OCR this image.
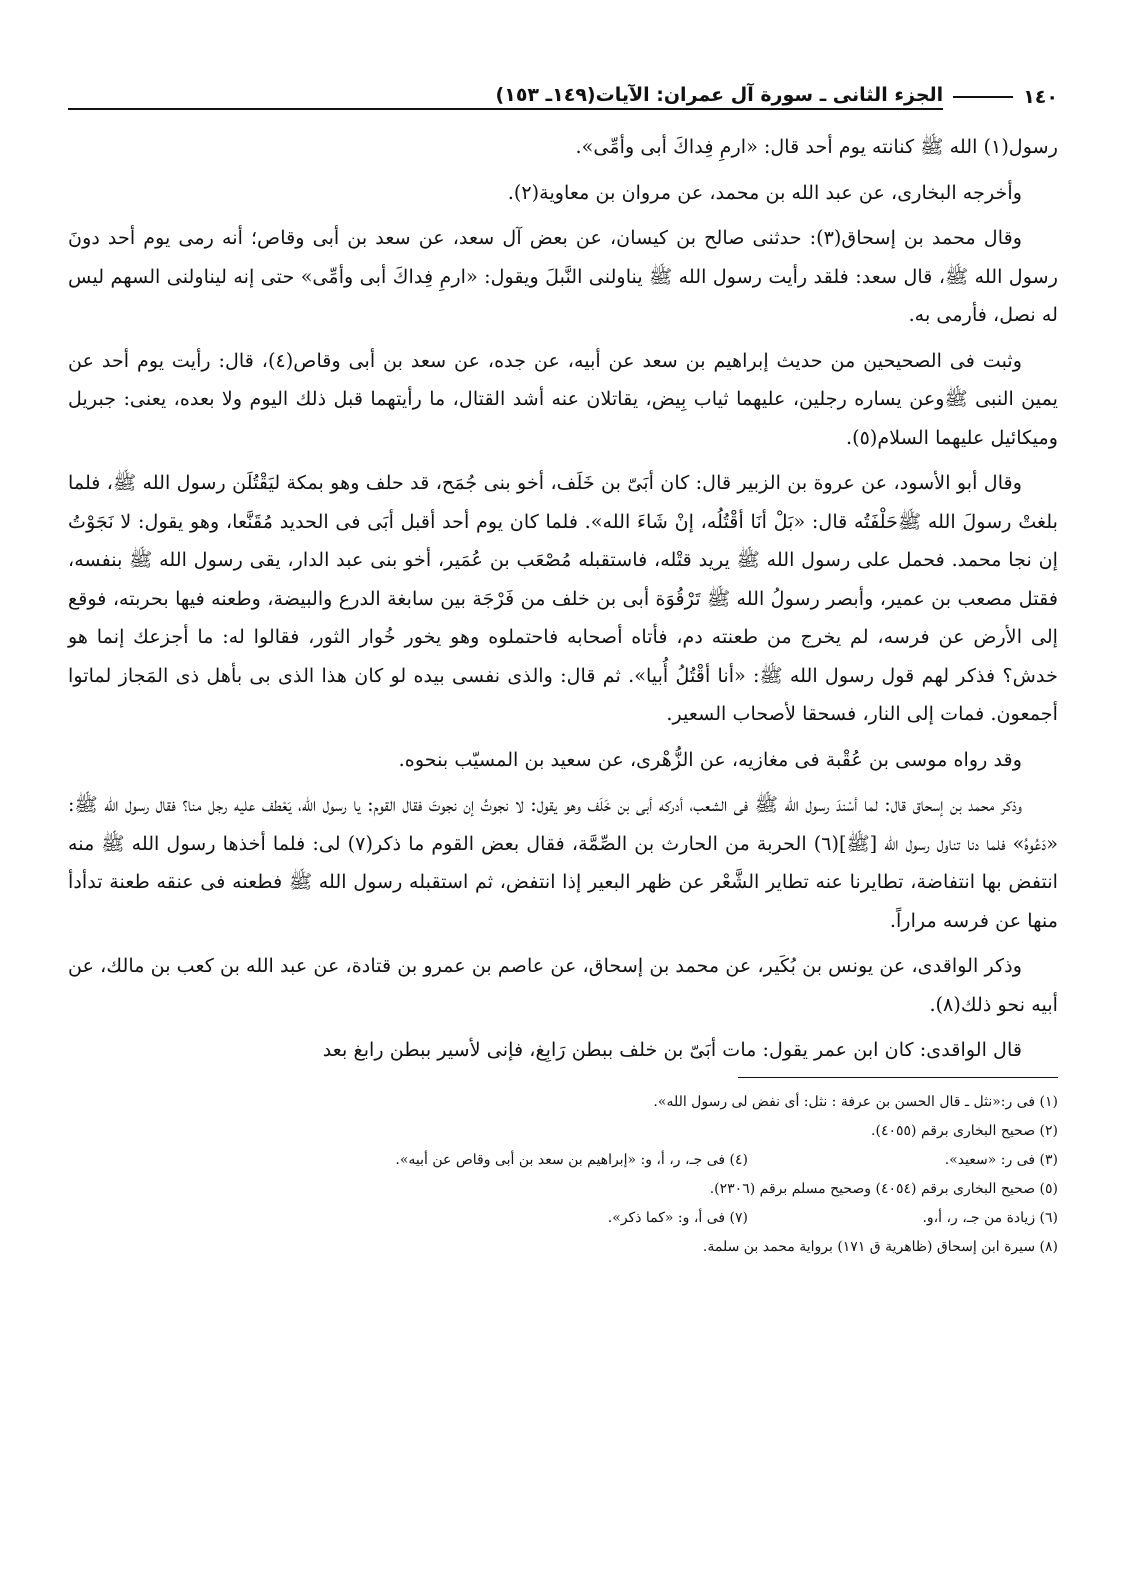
١٤٠
الجزء الثانى ـ سورة آل عمران: الآيات(١٤٩ـ ١٥٣)

رسول(١) الله ﷺ كنانته يوم أحد قال: «ارمِ فِداكَ أبى وأمِّى».

وأخرجه البخارى، عن عبد الله بن محمد، عن مروان بن معاوية(٢).

وقال محمد بن إسحاق(٣): حدثنى صالح بن كيسان، عن بعض آل سعد، عن سعد بن أبى وقاص؛ أنه رمى يوم أحد دونَ رسول الله ﷺ، قال سعد: فلقد رأيت رسول الله ﷺ يناولنى النَّبلَ ويقول: «ارمِ فِداكَ أبى وأمِّى» حتى إنه ليناولنى السهم ليس له نصل، فأرمى به.

وثبت فى الصحيحين من حديث إبراهيم بن سعد عن أبيه، عن جده، عن سعد بن أبى وقاص(٤)، قال: رأيت يوم أحد عن يمين النبى ﷺوعن يساره رجلين، عليهما ثياب بِيض، يقاتلان عنه أشد القتال، ما رأيتهما قبل ذلك اليوم ولا بعده، يعنى: جبريل وميكائيل عليهما السلام(٥).

وقال أبو الأسود، عن عروة بن الزبير قال: كان أبَىّ بن خَلَف، أخو بنى جُمَح، قد حلف وهو بمكة ليَقْتُلَن رسول الله ﷺ، فلما بلغتْ رسولَ الله ﷺحَلْفَتُه قال: «بَلْ أنَا أقْتُلُه، إنْ شَاءَ الله». فلما كان يوم أحد أقبل أبَى فى الحديد مُقَنَّعا، وهو يقول: لا نَجَوْتُ إن نجا محمد. فحمل على رسول الله ﷺ يريد قتْله، فاستقبله مُصْعَب بن عُمَير، أخو بنى عبد الدار، يقى رسول الله ﷺ بنفسه، فقتل مصعب بن عمير، وأبصر رسولُ الله ﷺ تَرْقُوَة أبى بن خلف من فَرْجَة بين سابغة الدرع والبيضة، وطعنه فيها بحربته، فوقع إلى الأرض عن فرسه، لم يخرج من طعنته دم، فأتاه أصحابه فاحتملوه وهو يخور خُوار الثور، فقالوا له: ما أجزعك إنما هو خدش؟ فذكر لهم قول رسول الله ﷺ: «أنا أقْتُلُ أُبيا». ثم قال: والذى نفسى بيده لو كان هذا الذى بى بأهل ذى المَجاز لماتوا أجمعون. فمات إلى النار، فسحقا لأصحاب السعير.

وقد رواه موسى بن عُقْبة فى مغازيه، عن الزُّهْرى، عن سعيد بن المسيّب بنحوه.

وذكر محمد بن إسحاق قال: لما أسْندَ رسول الله ﷺ فى الشعب، أدركه أبى بن خَلَف وهو يقول: لا نجوتُ إن نجوتَ فقال القوم: يا رسول الله، يَعْطف عليه رجل منا؟ فقال رسول الله ﷺ: «دَعُوهُ» فلما دنا تناول رسول الله [ﷺ](٦) الحربة من الحارث بن الصِّمَّة، فقال بعض القوم ما ذكر(٧) لى: فلما أخذها رسول الله ﷺ منه انتفض بها انتفاضة، تطايرنا عنه تطاير الشَّعْر عن ظهر البعير إذا انتفض، ثم استقبله رسول الله ﷺ فطعنه فى عنقه طعنة تدأدأ منها عن فرسه مراراً.

وذكر الواقدى، عن يونس بن بُكَير، عن محمد بن إسحاق، عن عاصم بن عمرو بن قتادة، عن عبد الله بن كعب بن مالك، عن أبيه نحو ذلك(٨).

قال الواقدى: كان ابن عمر يقول: مات أبَىّ بن خلف ببطن رَابِغ، فإنى لأسير ببطن رابغ بعد

(١) فى ر:«نثل ـ قال الحسن بن عرفة : نثل: أى نفض لى رسول الله».
(٢) صحيح البخارى برقم (٤٠٥٥).
(٣) فى ر: «سعيد».
(٤) فى جـ، ر، أ، و: «إبراهيم بن سعد بن أبى وقاص عن أبيه».
(٥) صحيح البخارى برقم (٤٠٥٤) وصحيح مسلم برقم (٢٣٠٦).
(٦) زيادة من جـ، ر، أ،و.
(٧) فى أ، و: «كما ذكر».
(٨) سيرة ابن إسحاق (ظاهرية ق ١٧١) برواية محمد بن سلمة.
